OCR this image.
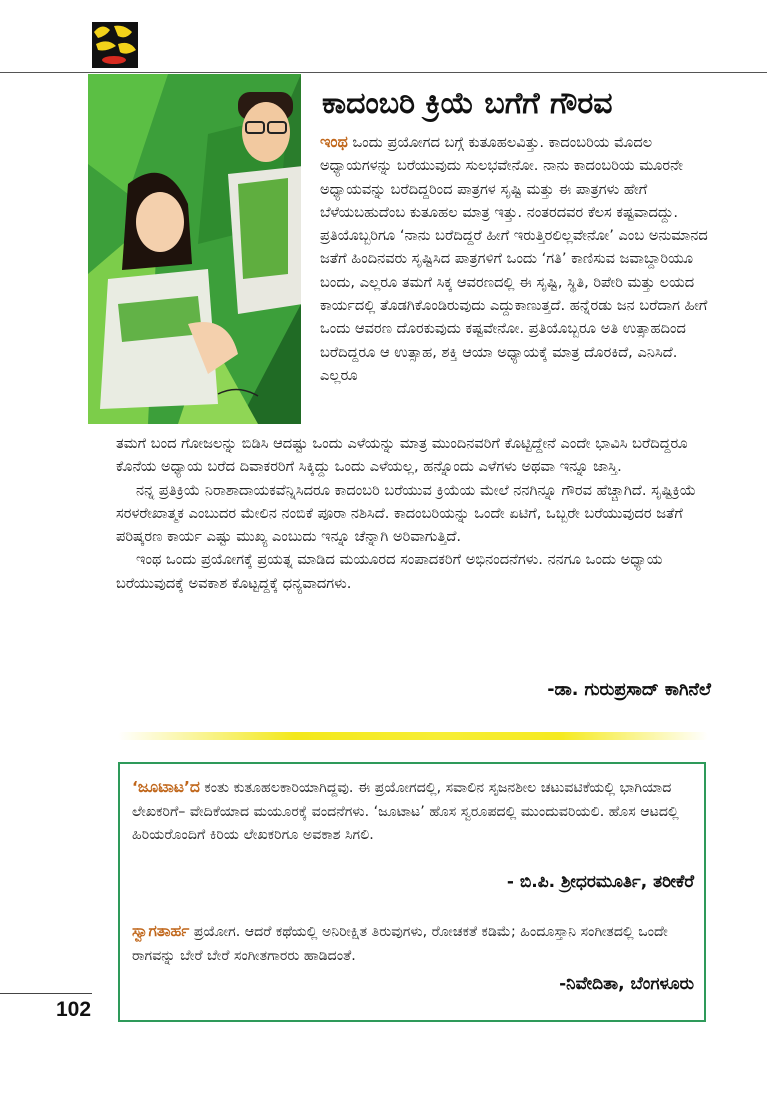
ಕಾದಂಬರಿ ಕ್ರಿಯೆ ಬಗೆಗೆ ಗೌರವ

ಇಂಥ ಒಂದು ಪ್ರಯೋಗದ ಬಗ್ಗೆ ಕುತೂಹಲವಿತ್ತು. ಕಾದಂಬರಿಯ ಮೊದಲ ಅಧ್ಯಾಯಗಳನ್ನು ಬರೆಯುವುದು ಸುಲಭವೇನೋ. ನಾನು ಕಾದಂಬರಿಯ ಮೂರನೇ ಅಧ್ಯಾಯವನ್ನು ಬರೆದಿದ್ದರಿಂದ ಪಾತ್ರಗಳ ಸೃಷ್ಟಿ ಮತ್ತು ಈ ಪಾತ್ರಗಳು ಹೇಗೆ ಬೆಳೆಯಬಹುದೆಂಬ ಕುತೂಹಲ ಮಾತ್ರ ಇತ್ತು. ನಂತರದವರ ಕೆಲಸ ಕಷ್ಟವಾದದ್ದು. ಪ್ರತಿಯೊಬ್ಬರಿಗೂ ‘ನಾನು ಬರೆದಿದ್ದರೆ ಹೀಗೆ ಇರುತ್ತಿರಲಿಲ್ಲವೇನೋ’ ಎಂಬ ಅನುಮಾನದ ಜತೆಗೆ ಹಿಂದಿನವರು ಸೃಷ್ಟಿಸಿದ ಪಾತ್ರಗಳಿಗೆ ಒಂದು ‘ಗತಿ’ ಕಾಣಿಸುವ ಜವಾಬ್ದಾರಿಯೂ ಬಂದು, ಎಲ್ಲರೂ ತಮಗೆ ಸಿಕ್ಕ ಆವರಣದಲ್ಲಿ ಈ ಸೃಷ್ಟಿ, ಸ್ಥಿತಿ, ರಿಪೇರಿ ಮತ್ತು ಲಯದ ಕಾರ್ಯದಲ್ಲಿ ತೊಡಗಿಕೊಂಡಿರುವುದು ಎದ್ದುಕಾಣುತ್ತದೆ. ಹನ್ನೆರಡು ಜನ ಬರೆದಾಗ ಹೀಗೆ ಒಂದು ಆವರಣ ದೊರಕುವುದು ಕಷ್ಟವೇನೋ. ಪ್ರತಿಯೊಬ್ಬರೂ ಅತಿ ಉತ್ಸಾಹದಿಂದ ಬರೆದಿದ್ದರೂ ಆ ಉತ್ಸಾಹ, ಶಕ್ತಿ ಆಯಾ ಅಧ್ಯಾಯಕ್ಕೆ ಮಾತ್ರ ದೊರಕಿದೆ, ಎನಿಸಿದೆ. ಎಲ್ಲರೂ

ತಮಗೆ ಬಂದ ಗೋಜಲನ್ನು ಬಿಡಿಸಿ ಆದಷ್ಟು ಒಂದು ಎಳೆಯನ್ನು ಮಾತ್ರ ಮುಂದಿನವರಿಗೆ ಕೊಟ್ಟಿದ್ದೇನೆ ಎಂದೇ ಭಾವಿಸಿ ಬರೆದಿದ್ದರೂ ಕೊನೆಯ ಅಧ್ಯಾಯ ಬರೆದ ದಿವಾಕರರಿಗೆ ಸಿಕ್ಕಿದ್ದು ಒಂದು ಎಳೆಯಲ್ಲ, ಹನ್ನೊಂದು ಎಳೆಗಳು ಅಥವಾ ಇನ್ನೂ ಜಾಸ್ತಿ.

ನನ್ನ ಪ್ರತಿಕ್ರಿಯೆ ನಿರಾಶಾದಾಯಕವೆನ್ನಿಸಿದರೂ ಕಾದಂಬರಿ ಬರೆಯುವ ಕ್ರಿಯೆಯ ಮೇಲೆ ನನಗಿನ್ನೂ ಗೌರವ ಹೆಚ್ಚಾಗಿದೆ. ಸೃಷ್ಟಿಕ್ರಿಯೆ ಸರಳರೇಖಾತ್ಮಕ ಎಂಬುದರ ಮೇಲಿನ ನಂಬಿಕೆ ಪೂರಾ ನಶಿಸಿದೆ. ಕಾದಂಬರಿಯನ್ನು ಒಂದೇ ಏಟಿಗೆ, ಒಬ್ಬರೇ ಬರೆಯುವುದರ ಜತೆಗೆ ಪರಿಷ್ಕರಣ ಕಾರ್ಯ ಎಷ್ಟು ಮುಖ್ಯ ಎಂಬುದು ಇನ್ನೂ ಚೆನ್ನಾಗಿ ಅರಿವಾಗುತ್ತಿದೆ.

ಇಂಥ ಒಂದು ಪ್ರಯೋಗಕ್ಕೆ ಪ್ರಯತ್ನ ಮಾಡಿದ ಮಯೂರದ ಸಂಪಾದಕರಿಗೆ ಅಭಿನಂದನೆಗಳು. ನನಗೂ ಒಂದು ಅಧ್ಯಾಯ ಬರೆಯುವುದಕ್ಕೆ ಅವಕಾಶ ಕೊಟ್ಟದ್ದಕ್ಕೆ ಧನ್ಯವಾದಗಳು.

-ಡಾ. ಗುರುಪ್ರಸಾದ್ ಕಾಗಿನೆಲೆ

‘ಜೂಟಾಟ’ದ ಕಂತು ಕುತೂಹಲಕಾರಿಯಾಗಿದ್ದವು. ಈ ಪ್ರಯೋಗದಲ್ಲಿ, ಸವಾಲಿನ ಸೃಜನಶೀಲ ಚಟುವಟಿಕೆಯಲ್ಲಿ ಭಾಗಿಯಾದ ಲೇಖಕರಿಗೆ– ವೇದಿಕೆಯಾದ ಮಯೂರಕ್ಕೆ ವಂದನೆಗಳು. ‘ಜೂಟಾಟ’ ಹೊಸ ಸ್ವರೂಪದಲ್ಲಿ ಮುಂದುವರಿಯಲಿ. ಹೊಸ ಆಟದಲ್ಲಿ ಹಿರಿಯರೊಂದಿಗೆ ಕಿರಿಯ ಲೇಖಕರಿಗೂ ಅವಕಾಶ ಸಿಗಲಿ.

- ಬಿ.ಪಿ. ಶ್ರೀಧರಮೂರ್ತಿ, ತರೀಕೆರೆ

ಸ್ವಾಗತಾರ್ಹ ಪ್ರಯೋಗ. ಆದರೆ ಕಥೆಯಲ್ಲಿ ಅನಿರೀಕ್ಷಿತ ತಿರುವುಗಳು, ರೋಚಕತೆ ಕಡಿಮೆ; ಹಿಂದೂಸ್ತಾನಿ ಸಂಗೀತದಲ್ಲಿ ಒಂದೇ ರಾಗವನ್ನು ಬೇರೆ ಬೇರೆ ಸಂಗೀತಗಾರರು ಹಾಡಿದಂತೆ.

-ನಿವೇದಿತಾ, ಬೆಂಗಳೂರು
102
